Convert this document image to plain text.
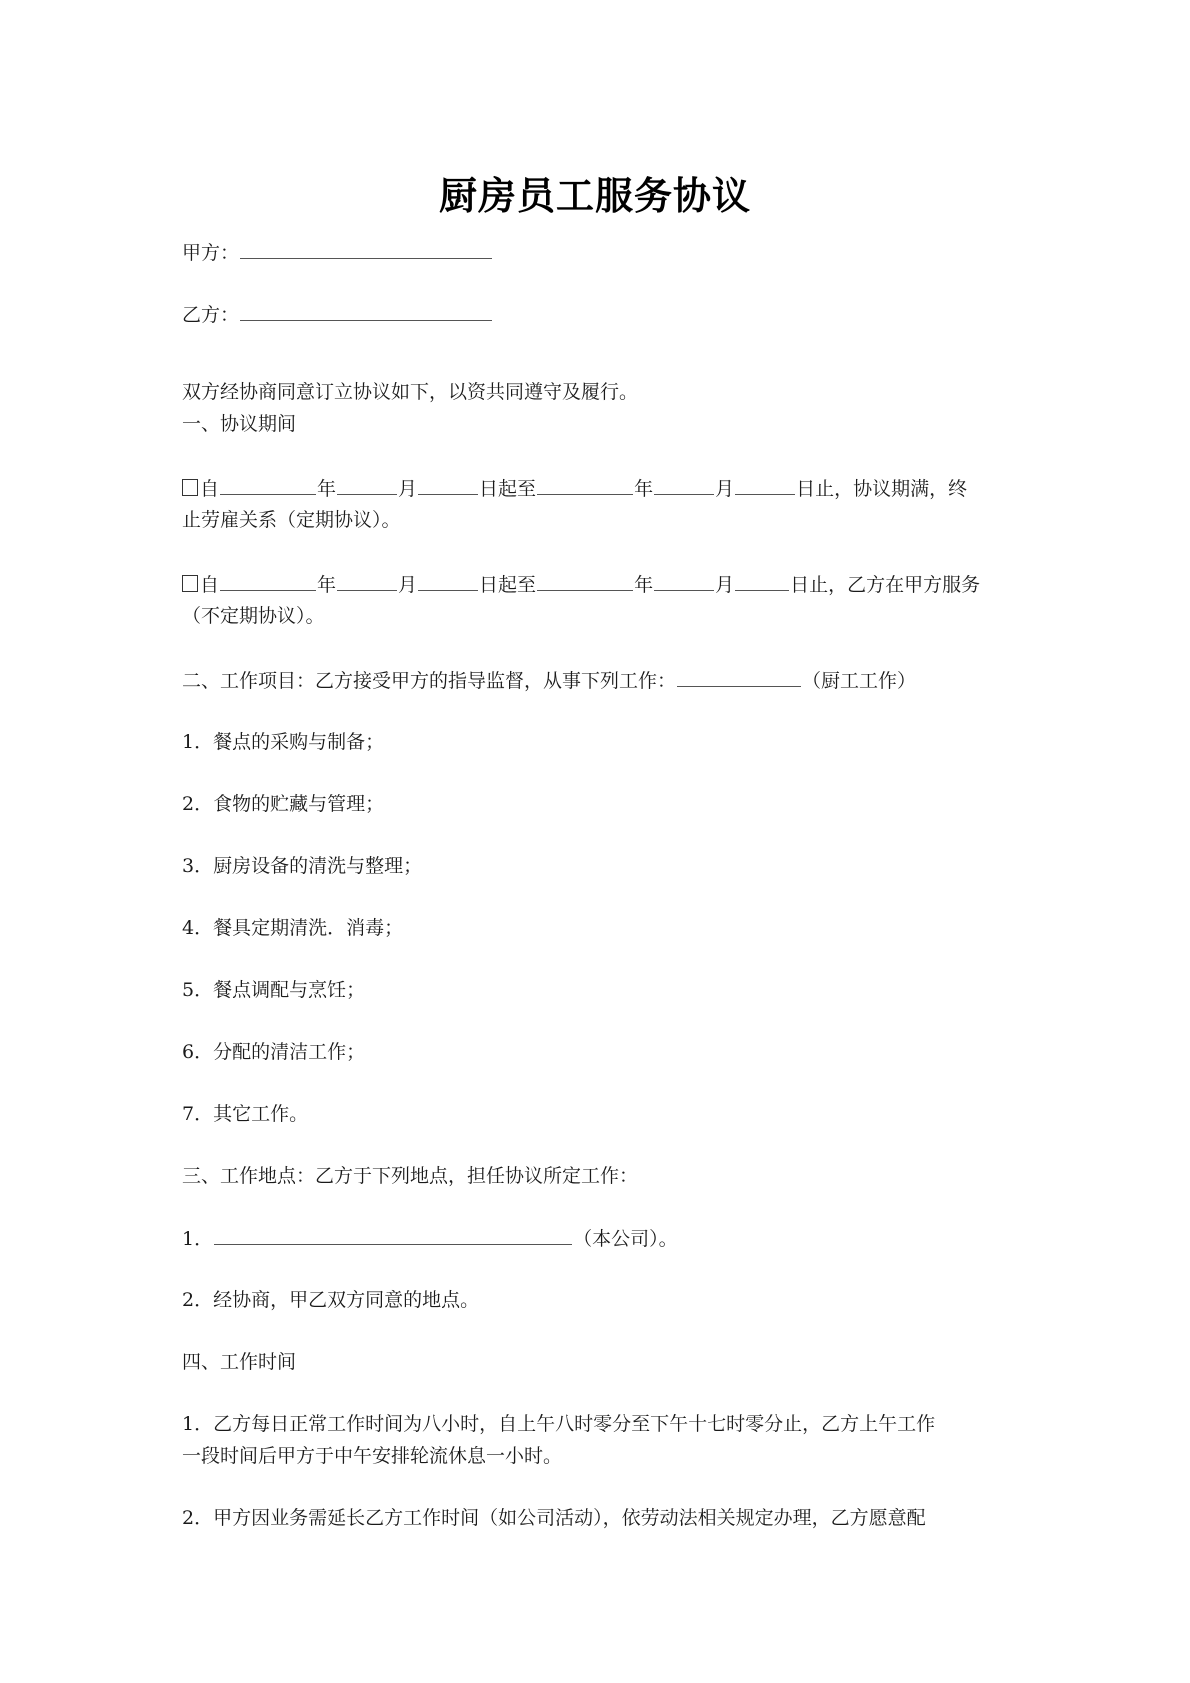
厨房员工服务协议
甲方：
乙方：
双方经协商同意订立协议如下，以资共同遵守及履行。
一、协议期间
自	年	月	日起至	年	月	日止，协议期满，终
止劳雇关系（定期协议）。
自	年	月	日起至	年	月	日止，乙方在甲方服务
（不定期协议）。
二、工作项目：乙方接受甲方的指导监督，从事下列工作：	（厨工工作）
1．餐点的采购与制备；
2．食物的贮藏与管理；
3．厨房设备的清洗与整理；
4．餐具定期清洗．消毒；
5．餐点调配与烹饪；
6．分配的清洁工作；
7．其它工作。
三、工作地点：乙方于下列地点，担任协议所定工作：
1．	（本公司）。
2．经协商，甲乙双方同意的地点。
四、工作时间
1．乙方每日正常工作时间为八小时，自上午八时零分至下午十七时零分止，乙方上午工作
一段时间后甲方于中午安排轮流休息一小时。
2．甲方因业务需延长乙方工作时间（如公司活动），依劳动法相关规定办理，乙方愿意配
